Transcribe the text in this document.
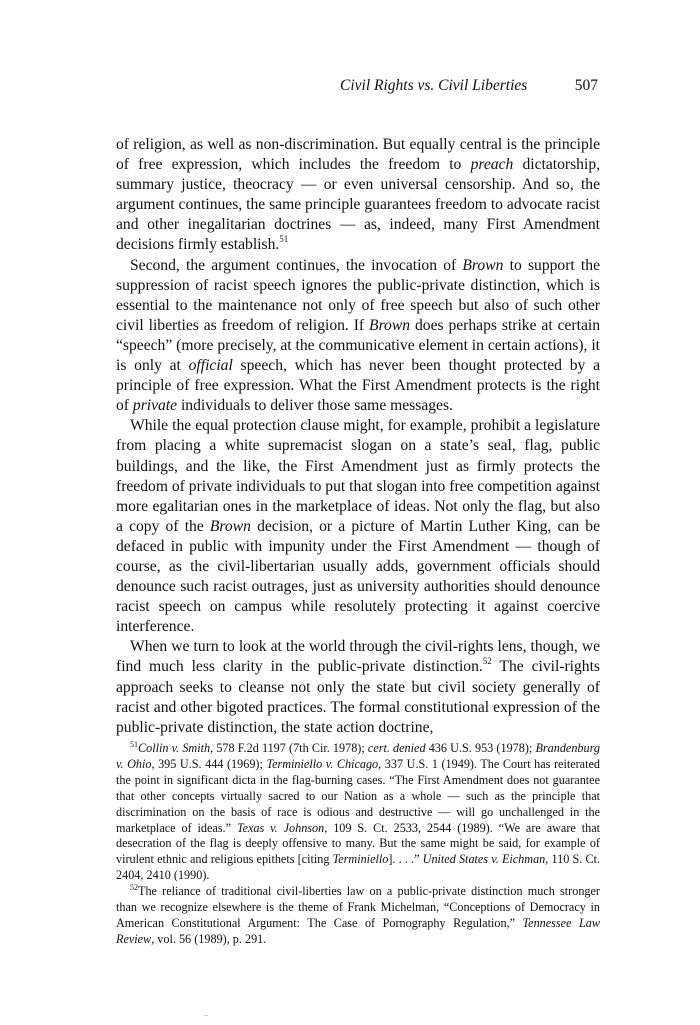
Civil Rights vs. Civil Liberties	507

of religion, as well as non-discrimination. But equally central is the principle of free expression, which includes the freedom to preach dictatorship, summary justice, theocracy — or even universal censorship. And so, the argument continues, the same principle guarantees freedom to advocate racist and other inegalitarian doctrines — as, indeed, many First Amendment decisions firmly establish.$^{51}$

Second, the argument continues, the invocation of Brown to support the suppression of racist speech ignores the public-private distinction, which is essential to the maintenance not only of free speech but also of such other civil liberties as freedom of religion. If Brown does perhaps strike at certain “speech” (more precisely, at the communicative element in certain actions), it is only at official speech, which has never been thought protected by a principle of free expression. What the First Amendment protects is the right of private individuals to deliver those same messages.

While the equal protection clause might, for example, prohibit a legislature from placing a white supremacist slogan on a state’s seal, flag, public buildings, and the like, the First Amendment just as firmly protects the freedom of private individuals to put that slogan into free competition against more egalitarian ones in the marketplace of ideas. Not only the flag, but also a copy of the Brown decision, or a picture of Martin Luther King, can be defaced in public with impunity under the First Amendment — though of course, as the civil-libertarian usually adds, government officials should denounce such racist outrages, just as university authorities should denounce racist speech on campus while resolutely protecting it against coercive interference.

When we turn to look at the world through the civil-rights lens, though, we find much less clarity in the public-private distinction.$^{52}$ The civil-rights approach seeks to cleanse not only the state but civil society generally of racist and other bigoted practices. The formal constitutional expression of the public-private distinction, the state action doctrine,

$^{51}$Collin v. Smith, 578 F.2d 1197 (7th Cir. 1978); cert. denied 436 U.S. 953 (1978); Brandenburg v. Ohio, 395 U.S. 444 (1969); Terminiello v. Chicago, 337 U.S. 1 (1949). The Court has reiterated the point in significant dicta in the flag-burning cases. “The First Amendment does not guarantee that other concepts virtually sacred to our Nation as a whole — such as the principle that discrimination on the basis of race is odious and destructive — will go unchallenged in the marketplace of ideas.” Texas v. Johnson, 109 S. Ct. 2533, 2544 (1989). “We are aware that desecration of the flag is deeply offensive to many. But the same might be said, for example of virulent ethnic and religious epithets [citing Terminiello]. . . .” United States v. Eichman, 110 S. Ct. 2404, 2410 (1990).

$^{52}$The reliance of traditional civil-liberties law on a public-private distinction much stronger than we recognize elsewhere is the theme of Frank Michelman, “Conceptions of Democracy in American Constitutional Argument: The Case of Pornography Regulation,” Tennessee Law Review, vol. 56 (1989), p. 291.
